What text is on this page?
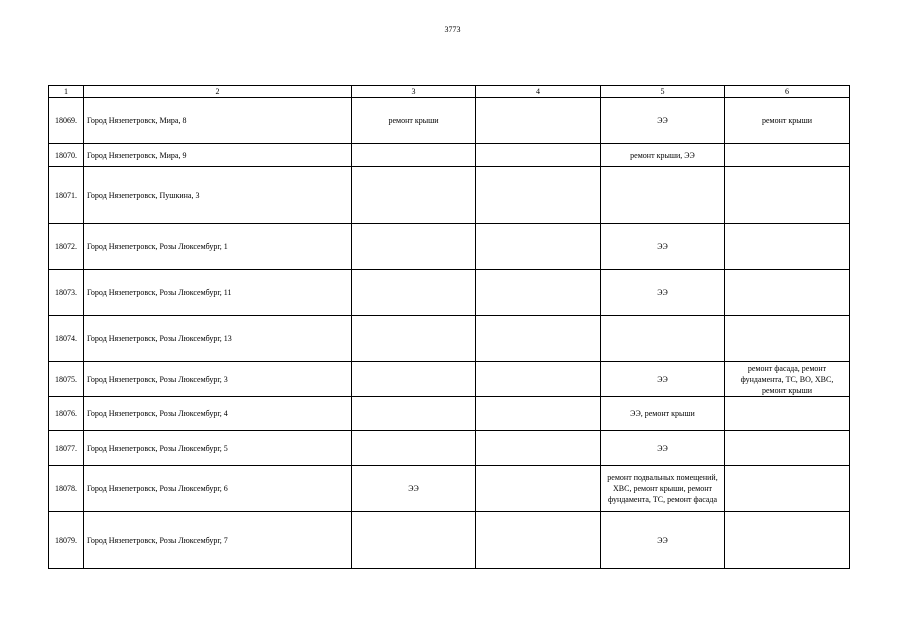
3773
1	2	3	4	5	6
18069.	Город Нязепетровск, Мира, 8	ремонт крыши		ЭЭ	ремонт крыши
18070.	Город Нязепетровск, Мира, 9			ремонт крыши, ЭЭ	
18071.	Город Нязепетровск, Пушкина, 3				
18072.	Город Нязепетровск, Розы Люксембург, 1			ЭЭ	
18073.	Город Нязепетровск, Розы Люксембург, 11			ЭЭ	
18074.	Город Нязепетровск, Розы Люксембург, 13				
18075.	Город Нязепетровск, Розы Люксембург, 3			ЭЭ	ремонт фасада, ремонт фундамента, ТС, ВО, ХВС, ремонт крыши
18076.	Город Нязепетровск, Розы Люксембург, 4			ЭЭ, ремонт крыши	
18077.	Город Нязепетровск, Розы Люксембург, 5			ЭЭ	
18078.	Город Нязепетровск, Розы Люксембург, 6	ЭЭ		ремонт подвальных помещений, ХВС, ремонт крыши, ремонт фундамента, ТС, ремонт фасада	
18079.	Город Нязепетровск, Розы Люксембург, 7			ЭЭ	
